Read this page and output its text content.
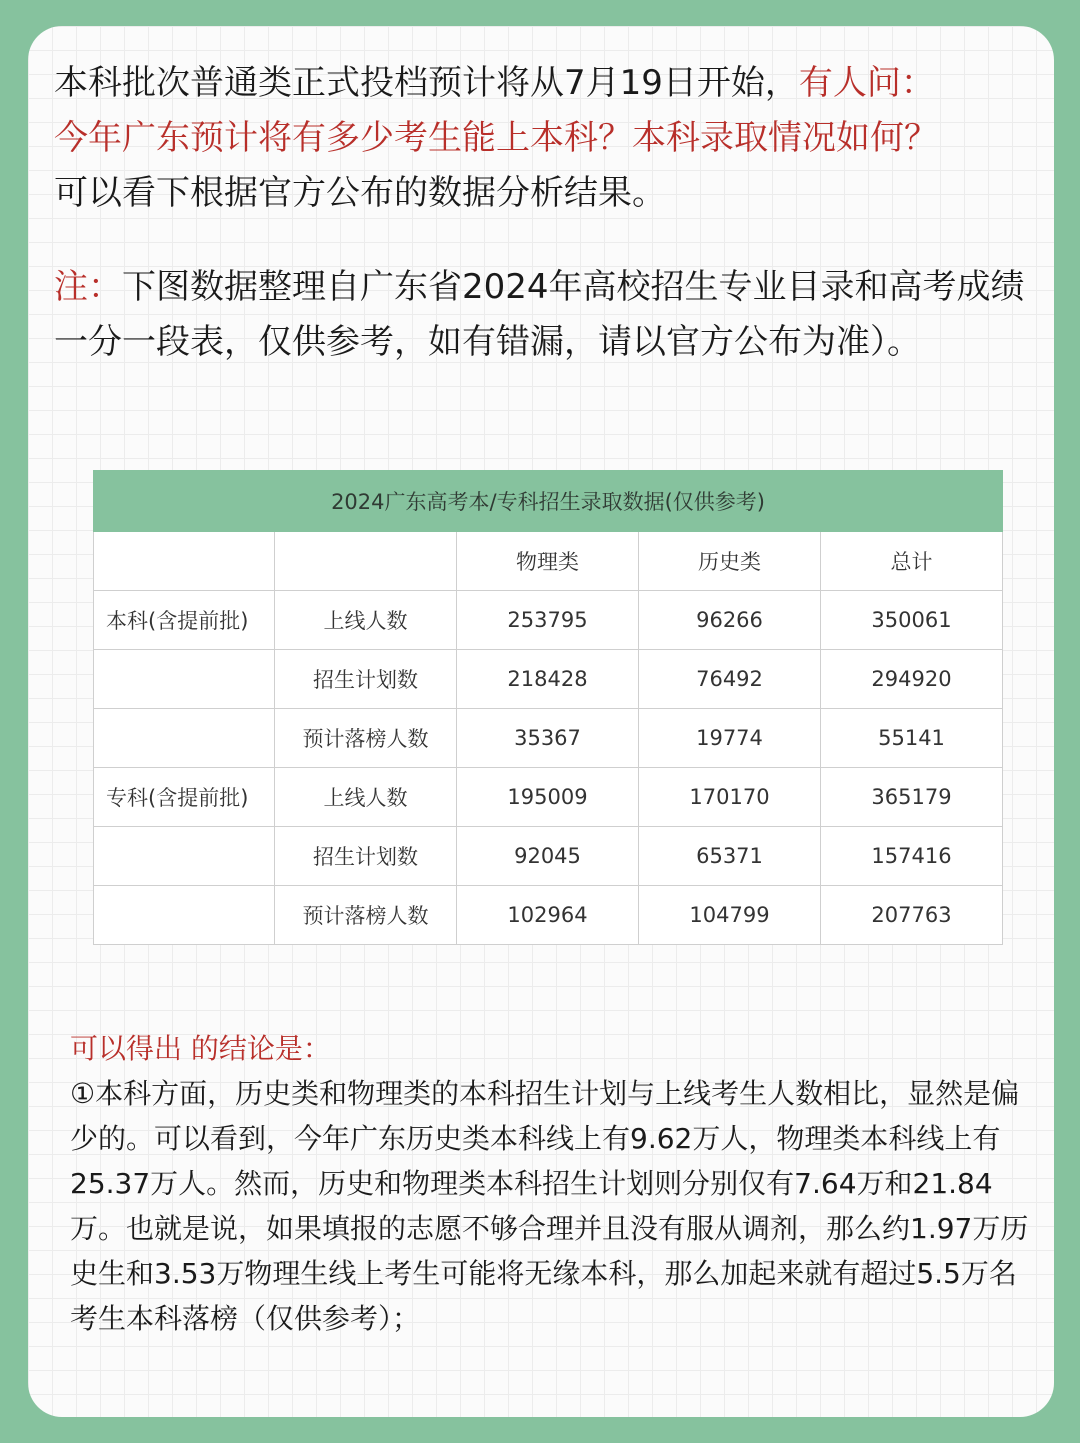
本科批次普通类正式投档预计将从7月19日开始，有人问：
今年广东预计将有多少考生能上本科？本科录取情况如何？
可以看下根据官方公布的数据分析结果。

注：下图数据整理自广东省2024年高校招生专业目录和高考成绩一分一段表，仅供参考，如有错漏，请以官方公布为准）。

2024广东高考本/专科招生录取数据(仅供参考)				
		物理类	历史类	总计
本科(含提前批)	上线人数	253795	96266	350061
	招生计划数	218428	76492	294920
	预计落榜人数	35367	19774	55141
专科(含提前批)	上线人数	195009	170170	365179
	招生计划数	92045	65371	157416
	预计落榜人数	102964	104799	207763

可以得出 的结论是：

①本科方面，历史类和物理类的本科招生计划与上线考生人数相比，显然是偏少的。可以看到，今年广东历史类本科线上有9.62万人，物理类本科线上有25.37万人。然而，历史和物理类本科招生计划则分别仅有7.64万和21.84万。也就是说，如果填报的志愿不够合理并且没有服从调剂，那么约1.97万历史生和3.53万物理生线上考生可能将无缘本科，那么加起来就有超过5.5万名考生本科落榜（仅供参考）；
